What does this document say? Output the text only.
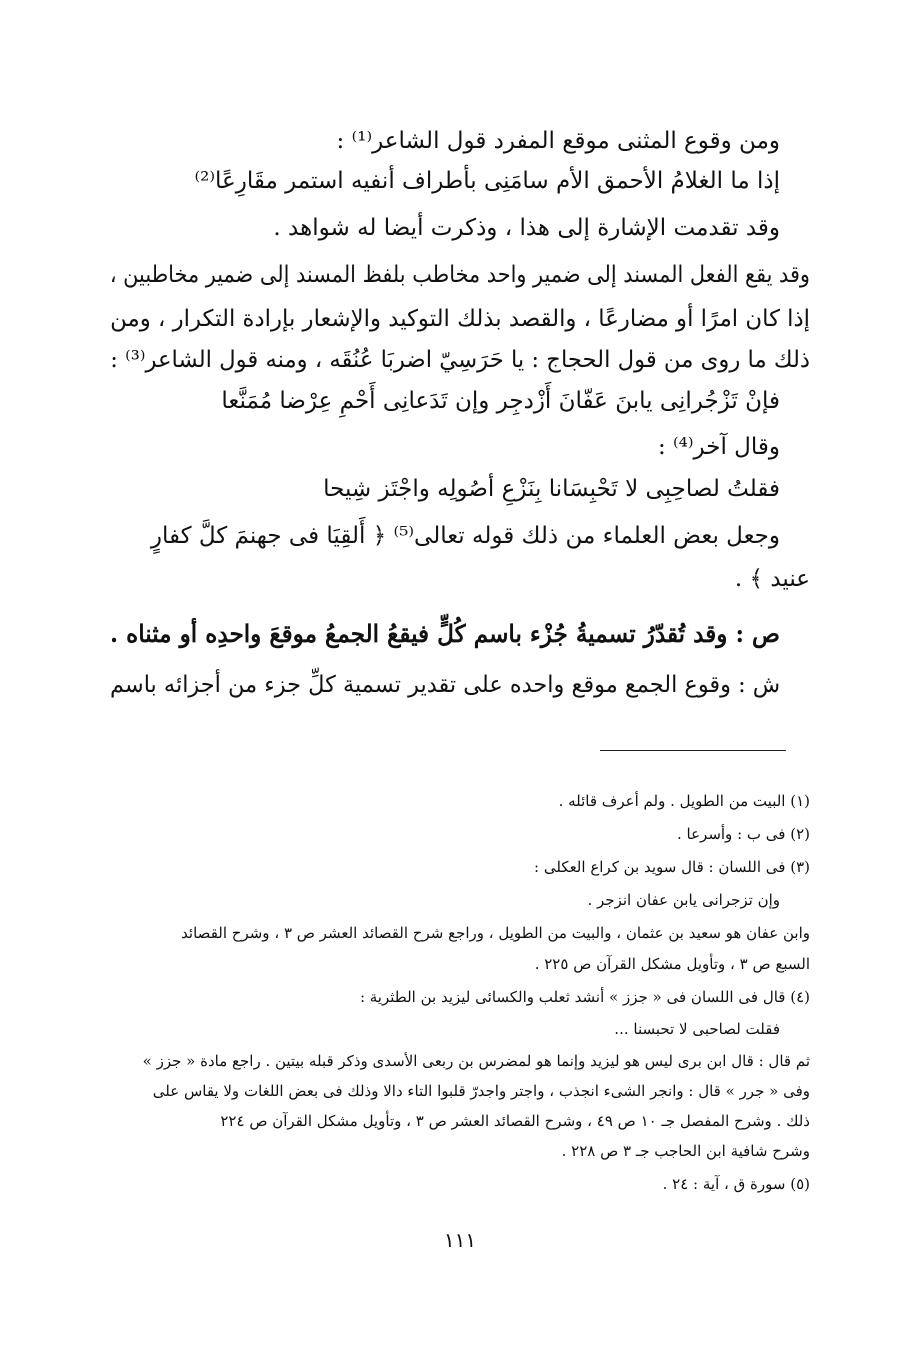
ومن وقوع المثنى موقع المفرد قول الشاعر⁽¹⁾ :

إذا ما الغلامُ الأحمق الأم سامَنِى بأطراف أنفيه استمر مقَارِعًا⁽²⁾

وقد تقدمت الإشارة إلى هذا ، وذكرت أيضا له شواهد .

وقد يقع الفعل المسند إلى ضمير واحد مخاطب بلفظ المسند إلى ضمير مخاطبين ،

إذا كان امرًا أو مضارعًا ، والقصد بذلك التوكيد والإشعار بإرادة التكرار ، ومن

ذلك ما روى من قول الحجاج : يا حَرَسِيّ اضربَا عُنُقَه ، ومنه قول الشاعر⁽³⁾ :

فإنْ تَزْجُرانِى يابنَ عَفّانَ أَزْدجِر وإن تَدَعانِى أَحْمِ عِرْضا مُمَنَّعا

وقال آخر⁽⁴⁾ :

فقلتُ لصاحِبِى لا تَحْبِسَانا بِنَزْعِ أصُولِه واجْتَز شِيحا

وجعل بعض العلماء من ذلك قوله تعالى⁽⁵⁾ ﴿ أَلقِيَا فى جهنمَ كلَّ كفارٍ

عنيد ﴾ .

ص : وقد تُقدّرُ تسميةُ جُزْء باسم كُلٍّ فيقعُ الجمعُ موقعَ واحدِه أو مثناه .

ش : وقوع الجمع موقع واحده على تقدير تسمية كلِّ جزء من أجزائه باسم

(١) البيت من الطويل . ولم أعرف قائله .

(٢) فى ب : وأسرعا .

(٣) فى اللسان : قال سويد بن كراع العكلى :

وإن تزجرانى يابن عفان انزجر .

وابن عفان هو سعيد بن عثمان ، والبيت من الطويل ، وراجع شرح القصائد العشر ص ٣ ، وشرح القصائد

السبع ص ٣ ، وتأويل مشكل القرآن ص ٢٢٥ .

(٤) قال فى اللسان فى « جزز » أنشد ثعلب والكسائى ليزيد بن الطثرية :

فقلت لصاحبى لا تحبسنا ...

ثم قال : قال ابن برى ليس هو ليزيد وإنما هو لمضرس بن ربعى الأسدى وذكر قبله بيتين . راجع مادة « جزز »

وفى « جرر » قال : وانجر الشىء انجذب ، واجتر واجدرّ قلبوا التاء دالا وذلك فى بعض اللغات ولا يقاس على

ذلك . وشرح المفصل جـ ١٠ ص ٤٩ ، وشرح القصائد العشر ص ٣ ، وتأويل مشكل القرآن ص ٢٢٤

وشرح شافية ابن الحاجب جـ ٣ ص ٢٢٨ .

(٥) سورة ق ، آية : ٢٤ .

١١١
